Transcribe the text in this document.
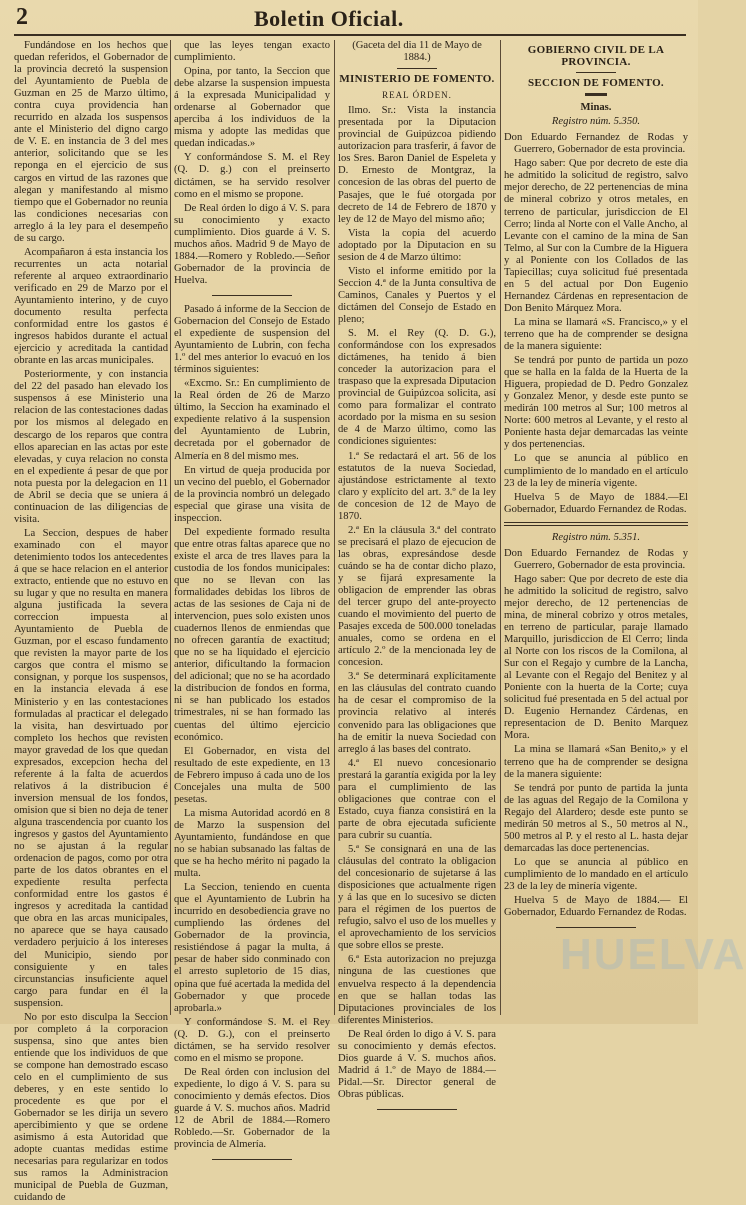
2	Boletin Oficial.

Fundándose en los hechos que quedan referidos, el Gobernador de la provincia decretó la suspension del Ayuntamiento de Puebla de Guzman en 25 de Marzo último, contra cuya providencia han recurrido en alzada los suspensos ante el Ministerio del digno cargo de V. E. en instancia de 3 del mes anterior, solicitando que se les reponga en el ejercicio de sus cargos en virtud de las razones que alegan y manifestando al mismo tiempo que el Gobernador no reunia las condiciones necesarias con arreglo á la ley para el desempeño de su cargo.

Acompañaron á esta instancia los recurrentes un acta notarial referente al arqueo extraordinario verificado en 29 de Marzo por el Ayuntamiento interino, y de cuyo documento resulta perfecta conformidad entre los gastos é ingresos habidos durante el actual ejercicio y acreditada la cantidad obrante en las arcas municipales.

Posteriormente, y con instancia del 22 del pasado han elevado los suspensos á ese Ministerio una relacion de las contestaciones dadas por los mismos al delegado en descargo de los reparos que contra ellos aparecian en las actas por este elevadas, y cuya relacion no consta en el expediente á pesar de que por nota puesta por la delegacion en 11 de Abril se decia que se uniera á continuacion de las diligencias de visita.

La Seccion, despues de haber examinado con el mayor detenimiento todos los antecedentes á que se hace relacion en el anterior extracto, entiende que no estuvo en su lugar y que no resulta en manera alguna justificada la severa correccion impuesta al Ayuntamiento de Puebla de Guzman, por el escaso fundamento que revisten la mayor parte de los cargos que contra el mismo se consignan, y porque los suspensos, en la instancia elevada á ese Ministerio y en las contestaciones formuladas al practicar el delegado la visita, han desvirtuado por completo los hechos que revisten mayor gravedad de los que quedan expresados, excepcion hecha del referente á la falta de acuerdos relativos á la distribucion é inversion mensual de los fondos, omision que si bien no deja de tener alguna trascendencia por cuanto los ingresos y gastos del Ayuntamiento no se ajustan á la regular ordenacion de pagos, como por otra parte de los datos obrantes en el expediente resulta perfecta conformidad entre los gastos é ingresos y acreditada la cantidad que obra en las arcas municipales, no aparece que se haya causado verdadero perjuicio á los intereses del Municipio, siendo por consiguiente y en tales circunstancias insuficiente aquel cargo para fundar en él la suspension.

No por esto disculpa la Seccion por completo á la corporacion suspensa, sino que antes bien entiende que los individuos de que se compone han demostrado escaso celo en el cumplimiento de sus deberes, y en este sentido lo procedente es que por el Gobernador se les dirija un severo apercibimiento y que se ordene asimismo á esta Autoridad que adopte cuantas medidas estime necesarias para regularizar en todos sus ramos la Administracion municipal de Puebla de Guzman, cuidando de

que las leyes tengan exacto cumplimiento.

Opina, por tanto, la Seccion que debe alzarse la suspension impuesta á la expresada Municipalidad y ordenarse al Gobernador que aperciba á los individuos de la misma y adopte las medidas que quedan indicadas.»

Y conformándose S. M. el Rey (Q. D. g.) con el preinserto dictámen, se ha servido resolver como en el mismo se propone.

De Real órden lo digo á V. S. para su conocimiento y exacto cumplimiento. Dios guarde á V. S. muchos años. Madrid 9 de Mayo de 1884.—Romero y Robledo.—Señor Gobernador de la provincia de Huelva.

Pasado á informe de la Seccion de Gobernacion del Consejo de Estado el expediente de suspension del Ayuntamiento de Lubrin, con fecha 1.º del mes anterior lo evacuó en los términos siguientes:

«Excmo. Sr.: En cumplimiento de la Real órden de 26 de Marzo último, la Seccion ha examinado el expediente relativo á la suspension del Ayuntamiento de Lubrin, decretada por el gobernador de Almería en 8 del mismo mes.

En virtud de queja producida por un vecino del pueblo, el Gobernador de la provincia nombró un delegado especial que girase una visita de inspeccion.

Del expediente formado resulta que entre otras faltas aparece que no existe el arca de tres llaves para la custodia de los fondos municipales: que no se llevan con las formalidades debidas los libros de actas de las sesiones de Caja ni de intervencion, pues solo existen unos cuadernos llenos de enmiendas que no ofrecen garantía de exactitud; que no se ha liquidado el ejercicio anterior, dificultando la formacion del adicional; que no se ha acordado la distribucion de fondos en forma, ni se han publicado los estados trimestrales, ni se han formado las cuentas del último ejercicio económico.

El Gobernador, en vista del resultado de este expediente, en 13 de Febrero impuso á cada uno de los Concejales una multa de 500 pesetas.

La misma Autoridad acordó en 8 de Marzo la suspension del Ayuntamiento, fundándose en que no se habian subsanado las faltas de que se ha hecho mérito ni pagado la multa.

La Seccion, teniendo en cuenta que el Ayuntamiento de Lubrin ha incurrido en desobediencia grave no cumpliendo las órdenes del Gobernador de la provincia, resistiéndose á pagar la multa, á pesar de haber sido conminado con el arresto supletorio de 15 dias, opina que fué acertada la medida del Gobernador y que procede aprobarla.»

Y conformándose S. M. el Rey (Q. D. G.), con el preinserto dictámen, se ha servido resolver como en el mismo se propone.

De Real órden con inclusion del expediente, lo digo á V. S. para su conocimiento y demás efectos. Dios guarde á V. S. muchos años. Madrid 12 de Abril de 1884.—Romero Robledo.—Sr. Gobernador de la provincia de Almería.

(Gaceta del dia 11 de Mayo de 1884.)
MINISTERIO DE FOMENTO.
REAL ÓRDEN.

Ilmo. Sr.: Vista la instancia presentada por la Diputacion provincial de Guipúzcoa pidiendo autorizacion para trasferir, á favor de los Sres. Baron Daniel de Espeleta y D. Ernesto de Montgraz, la concesion de las obras del puerto de Pasajes, que le fué otorgada por decreto de 14 de Febrero de 1870 y ley de 12 de Mayo del mismo año;

Vista la copia del acuerdo adoptado por la Diputacion en su sesion de 4 de Marzo último:

Visto el informe emitido por la Seccion 4.ª de la Junta consultiva de Caminos, Canales y Puertos y el dictámen del Consejo de Estado en pleno;

S. M. el Rey (Q. D. G.), conformándose con los expresados dictámenes, ha tenido á bien conceder la autorizacion para el traspaso que la expresada Diputacion provincial de Guipúzcoa solicita, así como para formalizar el contrato acordado por la misma en su sesion de 4 de Marzo último, como las condiciones siguientes:

1.ª Se redactará el art. 56 de los estatutos de la nueva Sociedad, ajustándose estrictamente al texto claro y explícito del art. 3.º de la ley de concesion de 12 de Mayo de 1870.

2.ª En la cláusula 3.ª del contrato se precisará el plazo de ejecucion de las obras, expresándose desde cuándo se ha de contar dicho plazo, y se fijará expresamente la obligacion de emprender las obras del tercer grupo del ante-proyecto cuando el movimiento del puerto de Pasajes exceda de 500.000 toneladas anuales, como se ordena en el artículo 2.º de la mencionada ley de concesion.

3.ª Se determinará explícitamente en las cláusulas del contrato cuando ha de cesar el compromiso de la provincia relativo al interés convenido para las obligaciones que ha de emitir la nueva Sociedad con arreglo á las bases del contrato.

4.ª El nuevo concesionario prestará la garantía exigida por la ley para el cumplimiento de las obligaciones que contrae con el Estado, cuya fianza consistirá en la parte de obra ejecutada suficiente para cubrir su cuantía.

5.ª Se consignará en una de las cláusulas del contrato la obligacion del concesionario de sujetarse á las disposiciones que actualmente rigen y á las que en lo sucesivo se dicten para el régimen de los puertos de refugio, salvo el uso de los muelles y el aprovechamiento de los servicios que sobre ellos se preste.

6.ª Esta autorizacion no prejuzga ninguna de las cuestiones que envuelva respecto á la dependencia en que se hallan todas las Diputaciones provinciales de los diferentes Ministerios.

De Real órden lo digo á V. S. para su conocimiento y demás efectos. Dios guarde á V. S. muchos años. Madrid á 1.º de Mayo de 1884.—Pidal.—Sr. Director general de Obras públicas.

GOBIERNO CIVIL DE LA PROVINCIA.
SECCION DE FOMENTO.
Minas.
Registro núm. 5.350.

Don Eduardo Fernandez de Rodas y Guerrero, Gobernador de esta provincia.

Hago saber: Que por decreto de este dia he admitido la solicitud de registro, salvo mejor derecho, de 22 pertenencias de mina de mineral cobrizo y otros metales, en terreno de particular, jurisdiccion de El Cerro; linda al Norte con el Valle Ancho, al Levante con el camino de la mina de San Telmo, al Sur con la Cumbre de la Higuera y al Poniente con los Collados de las Tapiecillas; cuya solicitud fué presentada en 5 del actual por Don Eugenio Hernandez Cárdenas en representacion de Don Benito Márquez Mora.

La mina se llamará «S. Francisco,» y el terreno que ha de comprender se designa de la manera siguiente:

Se tendrá por punto de partida un pozo que se halla en la falda de la Huerta de la Higuera, propiedad de D. Pedro Gonzalez y Gonzalez Menor, y desde este punto se medirán 100 metros al Sur; 100 metros al Norte: 600 metros al Levante, y el resto al Poniente hasta dejar demarcadas las veinte y dos pertenencias.

Lo que se anuncia al público en cumplimiento de lo mandado en el artículo 23 de la ley de minería vigente.

Huelva 5 de Mayo de 1884.—El Gobernador, Eduardo Fernandez de Rodas.

Registro núm. 5.351.

Don Eduardo Fernandez de Rodas y Guerrero, Gobernador de esta provincia.

Hago saber: Que por decreto de este dia he admitido la solicitud de registro, salvo mejor derecho, de 12 pertenencias de mina, de mineral cobrizo y otros metales, en terreno de particular, paraje llamado Marquillo, jurisdiccion de El Cerro; linda al Norte con los riscos de la Comilona, al Sur con el Regajo y cumbre de la Lancha, al Levante con el Regajo del Benitez y al Poniente con la huerta de la Corte; cuya solicitud fué presentada en 5 del actual por D. Eugenio Hernandez Cárdenas, en representacion de D. Benito Marquez Mora.

La mina se llamará «San Benito,» y el terreno que ha de comprender se designa de la manera siguiente:

Se tendrá por punto de partida la junta de las aguas del Regajo de la Comilona y Regajo del Alardero; desde este punto se medirán 50 metros al S., 50 metros al N., 500 metros al P. y el resto al L. hasta dejar demarcadas las doce pertenencias.

Lo que se anuncia al público en cumplimiento de lo mandado en el artículo 23 de la ley de minería vigente.

Huelva 5 de Mayo de 1884.— El Gobernador, Eduardo Fernandez de Rodas.

HUELVA
